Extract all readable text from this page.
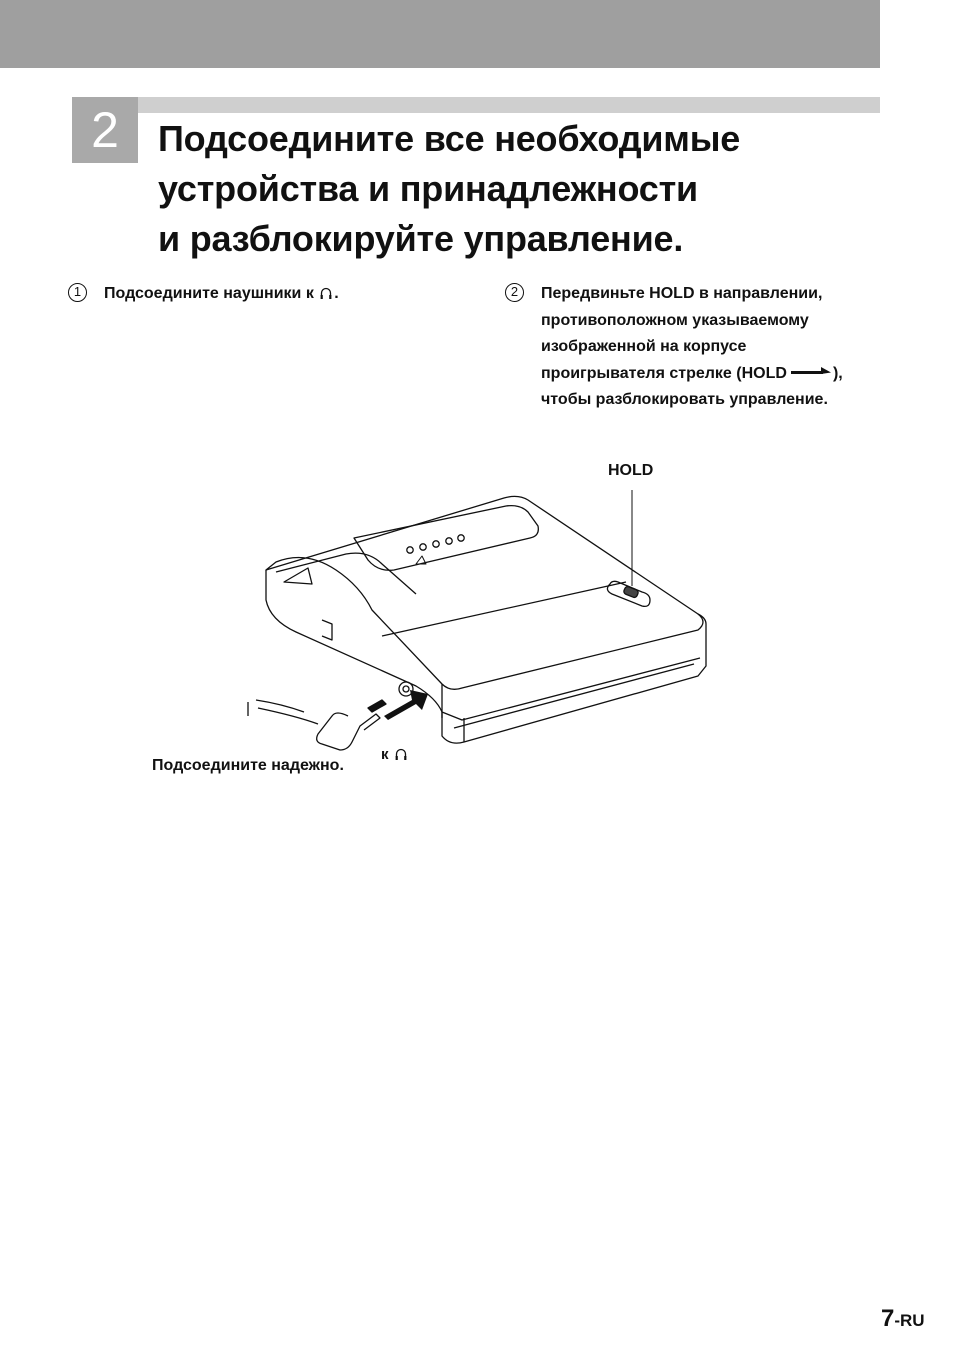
2	Подсоедините все необходимые
устройства и принадлежности
и разблокируйте управление.
1	Подсоедините наушники к .	2	Передвиньте HOLD в направлении,
противоположном указываемому
изображенной на корпусе
проигрывателя стрелке (HOLD	),
чтобы разблокировать управление.
HOLD
к
Подсоедините надежно.
7-RU
